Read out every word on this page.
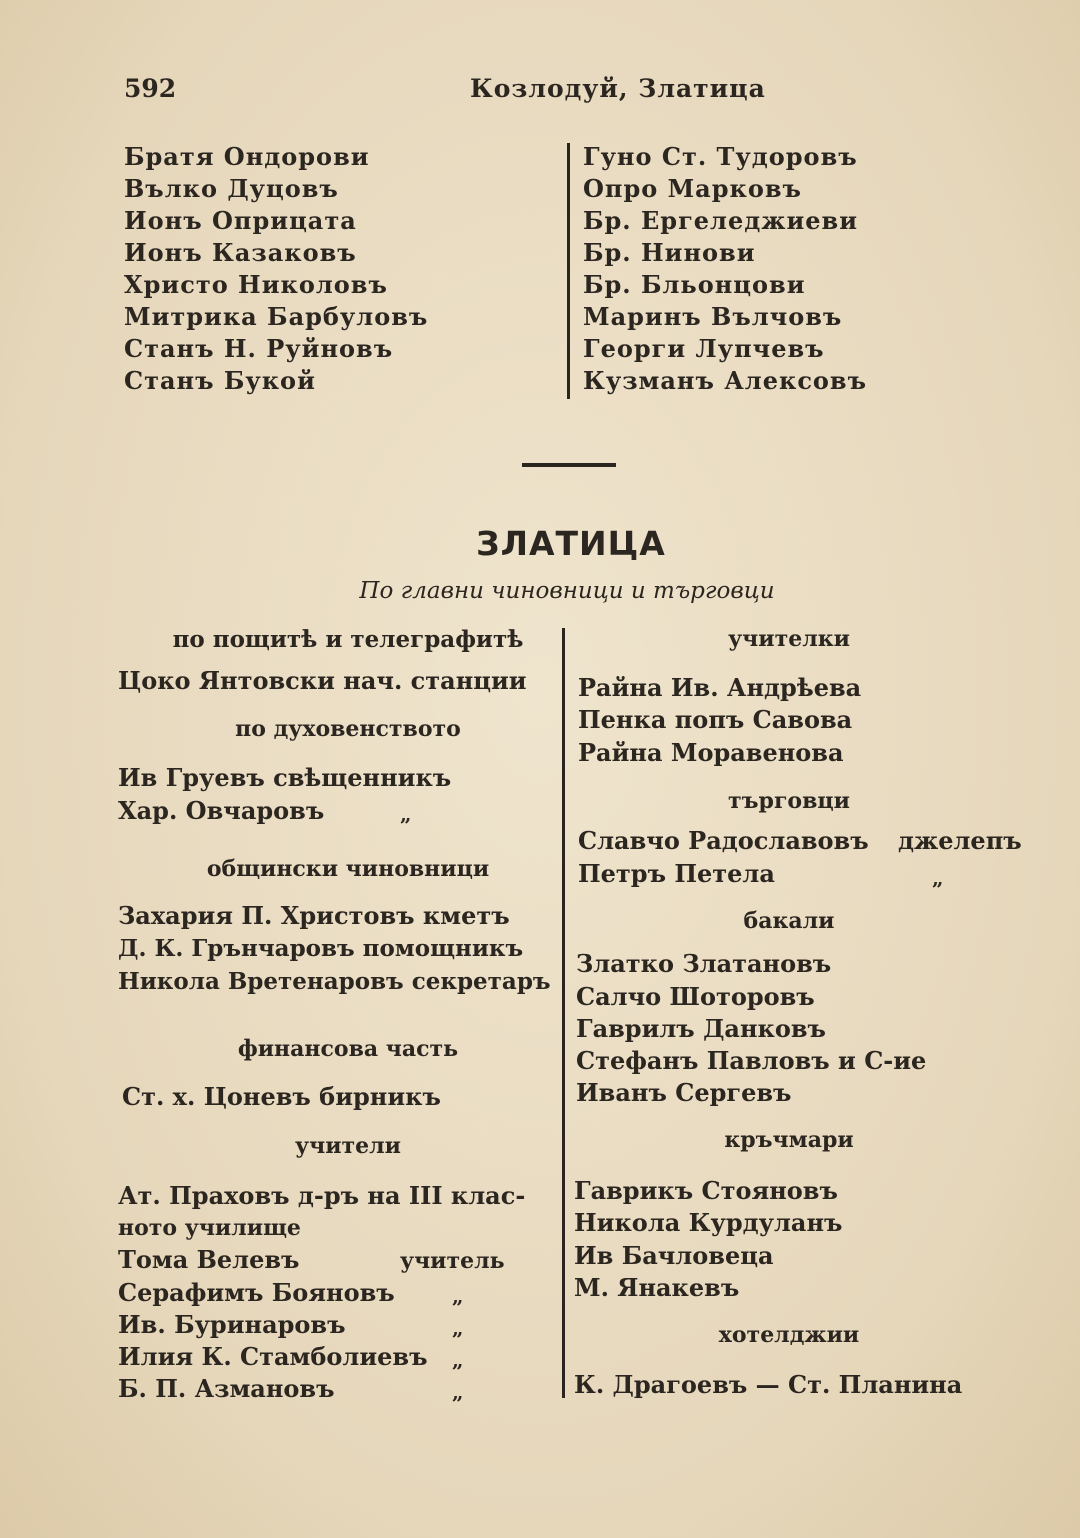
592	Козлодуй, Златица
Братя Ондорови
Вълко Дуцовъ
Ионъ Оприцата
Ионъ Казаковъ
Христо Николовъ
Митрика Барбуловъ
Станъ Н. Руйновъ
Станъ Букой
Гуно Ст. Тудоровъ
Опро Марковъ
Бр. Ергеледжиеви
Бр. Нинови
Бр. Бльонцови
Маринъ Вълчовъ
Георги Лупчевъ
Кузманъ Алексовъ
ЗЛАТИЦА
По главни чиновници и търговци
по пощитѣ и телеграфитѣ
Цоко Янтовски нач. станции
по духовенството
Ив Груевъ свѣщенникъ
Хар. Овчаровъ	„
общински чиновници
Захария П. Христовъ кметъ
Д. К. Грънчаровъ помощникъ
Никола Вретенаровъ секретаръ
финансова часть
Ст. х. Цоневъ бирникъ
учители
Ат. Праховъ д-ръ на III клас-
ното училище
Тома Велевъ	учитель
Серафимъ Бояновъ	„
Ив. Буринаровъ	„
Илия К. Стамболиевъ „
Б. П. Азмановъ	„
учителки
Райна Ив. Андрѣева
Пенка попъ Савова
Райна Моравенова
търговци
Славчо Радославовъ джелепъ
Петръ Петела	„
бакали
Златко Златановъ
Салчо Шоторовъ
Гаврилъ Данковъ
Стефанъ Павловъ и С-ие
Иванъ Сергевъ
кръчмари
Гаврикъ Стояновъ
Никола Курдуланъ
Ив Бачловеца
М. Янакевъ
хотелджии
К. Драгоевъ — Ст. Планина
